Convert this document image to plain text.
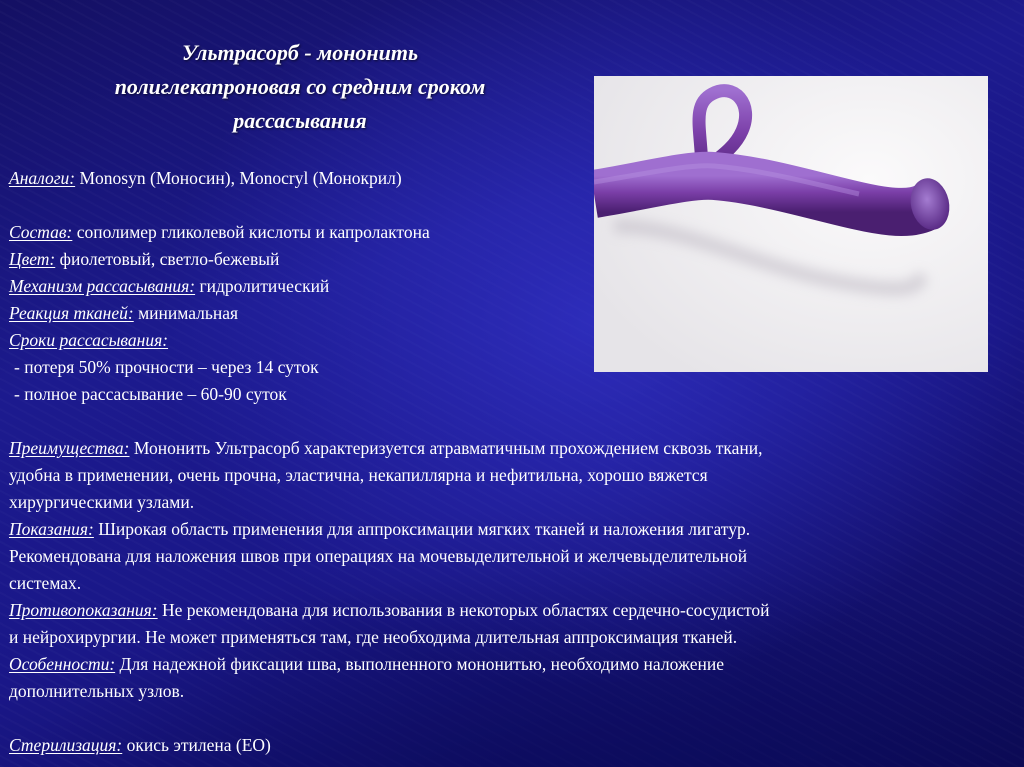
Ультрасорб - мононить
полиглекапроновая со средним сроком
рассасывания
Аналоги: Monosyn (Моносин), Monocryl (Монокрил)
Состав: сополимер гликолевой кислоты и капролактона
Цвет: фиолетовый, светло-бежевый
Механизм рассасывания: гидролитический
Реакция тканей: минимальная
Сроки рассасывания:
- потеря 50% прочности – через 14 суток
- полное рассасывание – 60-90 суток
Преимущества: Мононить Ультрасорб характеризуется атравматичным прохождением сквозь ткани,
удобна в применении, очень прочна, эластична, некапиллярна и нефитильна, хорошо вяжется
хирургическими узлами.
Показания: Широкая область применения для аппроксимации мягких тканей и наложения лигатур.
Рекомендована для наложения швов при операциях на мочевыделительной и желчевыделительной
системах.
Противопоказания: Не рекомендована для использования в некоторых областях сердечно-сосудистой
и нейрохирургии. Не может применяться там, где необходима длительная аппроксимация тканей.
Особенности: Для надежной фиксации шва, выполненного мононитью, необходимо наложение
дополнительных узлов.
Стерилизация: окись этилена (ЕО)
